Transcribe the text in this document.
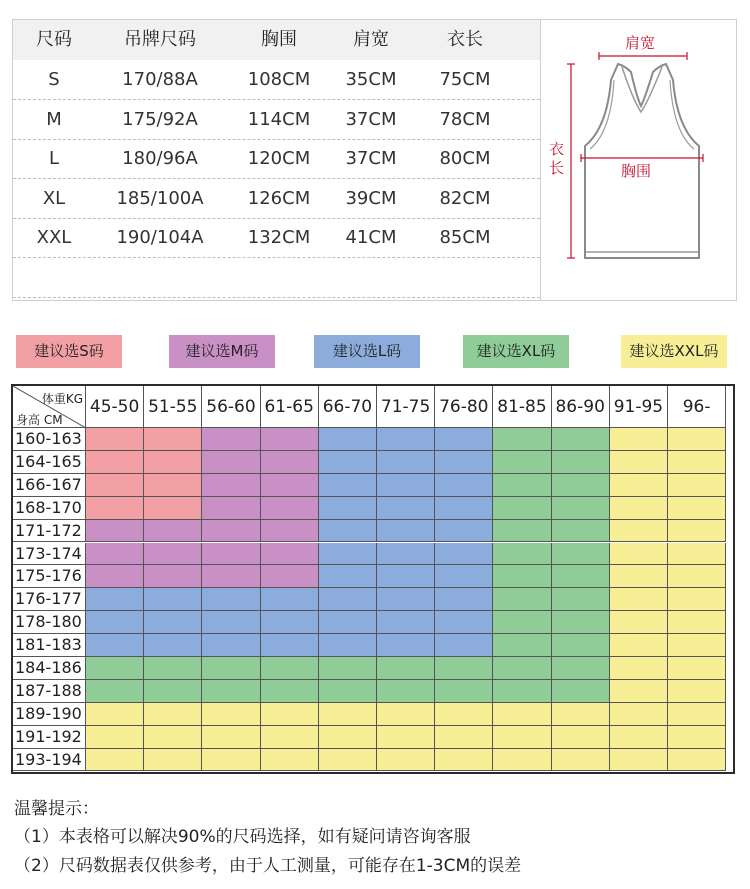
尺码	吊牌尺码	胸围	肩宽	衣长
S	170/88A	108CM	35CM	75CM
M	175/92A	114CM	37CM	78CM
L	180/96A	120CM	37CM	80CM
XL	185/100A	126CM	39CM	82CM
XXL	190/104A	132CM	41CM	85CM
肩宽
衣长	胸围
建议选S码	建议选M码	建议选L码	建议选XL码	建议选XXL码
体重KG
身高 CM
45-50 51-55 56-60 61-65 66-70 71-75 76-80 81-85 86-90 91-95	96-
160-163
164-165
166-167
168-170
171-172
173-174
175-176
176-177
178-180
181-183
184-186
187-188
189-190
191-192
193-194
温馨提示：
（1）本表格可以解决90%的尺码选择，如有疑问请咨询客服
（2）尺码数据表仅供参考，由于人工测量，可能存在1-3CM的误差
